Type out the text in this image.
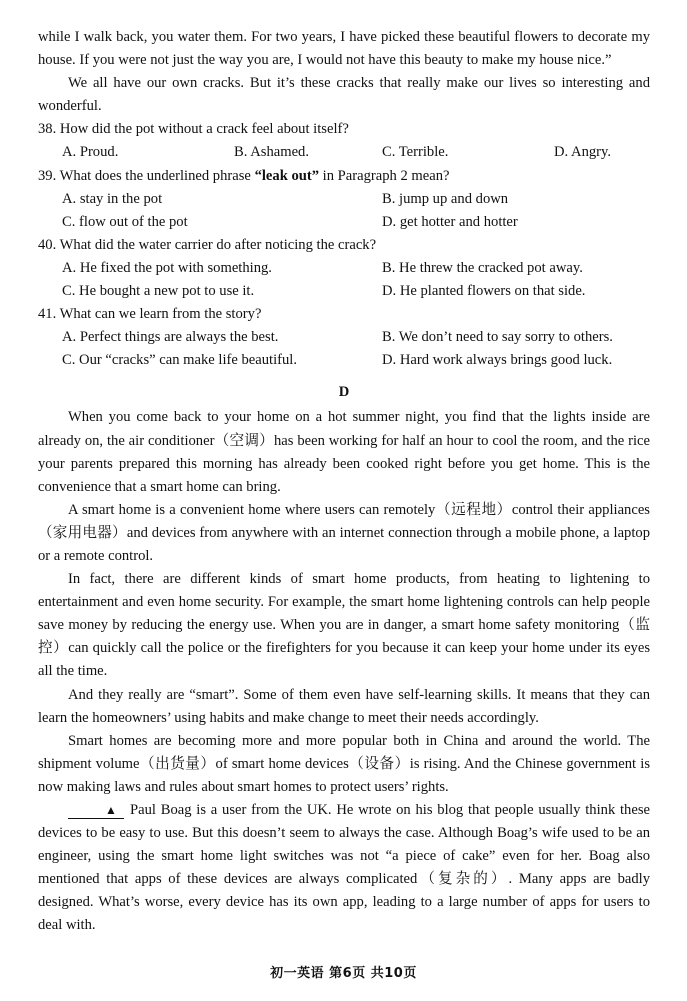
while I walk back, you water them. For two years, I have picked these beautiful flowers to decorate my house. If you were not just the way you are, I would not have this beauty to make my house nice.”

We all have our own cracks. But it’s these cracks that really make our lives so interesting and wonderful.

38. How did the pot without a crack feel about itself?

A. Proud.	B. Ashamed.	C. Terrible.	D. Angry.

39. What does the underlined phrase “leak out” in Paragraph 2 mean?

A. stay in the pot	B. jump up and down
C. flow out of the pot	D. get hotter and hotter

40. What did the water carrier do after noticing the crack?

A. He fixed the pot with something.	B. He threw the cracked pot away.
C. He bought a new pot to use it.	D. He planted flowers on that side.

41. What can we learn from the story?

A. Perfect things are always the best.	B. We don’t need to say sorry to others.
C. Our “cracks” can make life beautiful.	D. Hard work always brings good luck.
D

When you come back to your home on a hot summer night, you find that the lights inside are already on, the air conditioner（空调）has been working for half an hour to cool the room, and the rice your parents prepared this morning has already been cooked right before you get home. This is the convenience that a smart home can bring.

A smart home is a convenient home where users can remotely（远程地）control their appliances（家用电器）and devices from anywhere with an internet connection through a mobile phone, a laptop or a remote control.

In fact, there are different kinds of smart home products, from heating to lightening to entertainment and even home security. For example, the smart home lightening controls can help people save money by reducing the energy use. When you are in danger, a smart home safety monitoring（监控）can quickly call the police or the firefighters for you because it can keep your home under its eyes all the time.

And they really are “smart”. Some of them even have self-learning skills. It means that they can learn the homeowners’ using habits and make change to meet their needs accordingly.

Smart homes are becoming more and more popular both in China and around the world. The shipment volume（出货量）of smart home devices（设备）is rising. And the Chinese government is now making laws and rules about smart homes to protect users’ rights.

▲ Paul Boag is a user from the UK. He wrote on his blog that people usually think these devices to be easy to use. But this doesn’t seem to always the case. Although Boag’s wife used to be an engineer, using the smart home light switches was not “a piece of cake” even for her. Boag also mentioned that apps of these devices are always complicated（复杂的）. Many apps are badly designed. What’s worse, every device has its own app, leading to a large number of apps for users to deal with.

初一英语 第6页 共10页
